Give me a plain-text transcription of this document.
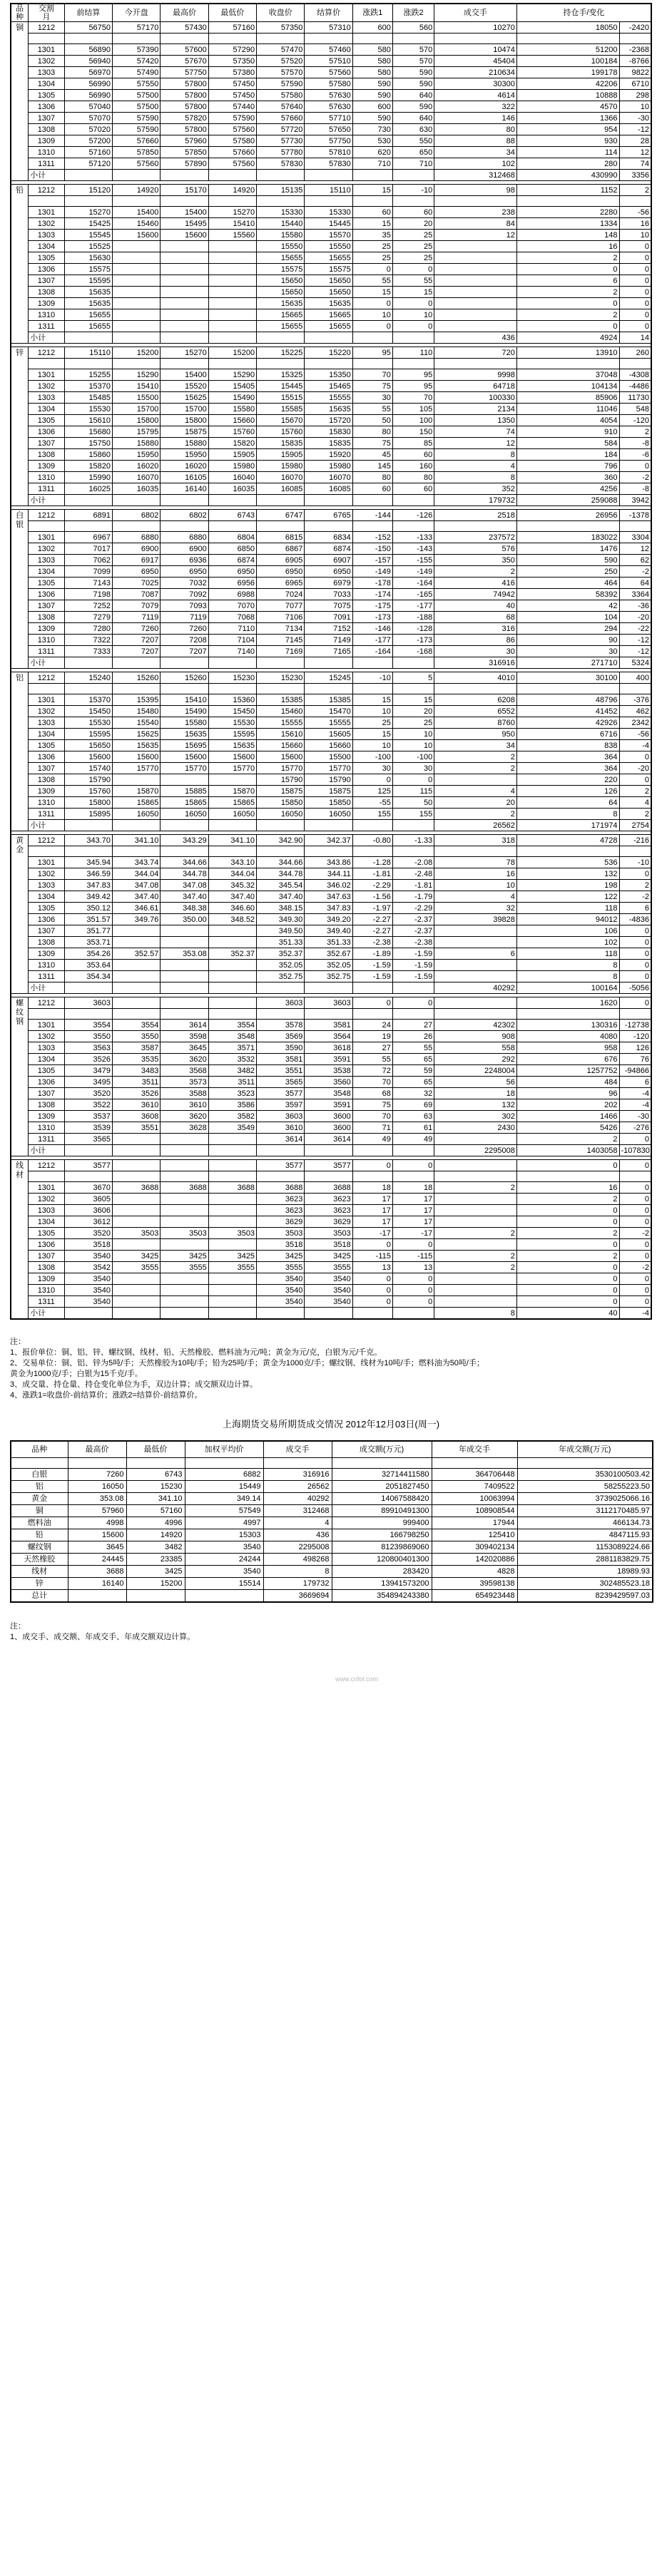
品
种	交割
月	前结算	今开盘	最高价	最低价	收盘价	结算价	涨跌1	涨跌2	成交手	持仓手/变化	

铜	1212	56750	57170	57430	57160	57350	57310	600	560	10270	18050	-2420

	1301	56890	57390	57600	57290	57470	57460	580	570	10474	51200	-2368
	1302	56940	57420	57670	57350	57520	57510	580	570	45404	100184	-8766
	1303	56970	57490	57750	57380	57570	57560	580	590	210634	199178	9822
	1304	56990	57550	57800	57450	57590	57580	590	590	30300	42206	6710
	1305	56990	57500	57800	57450	57580	57630	590	640	4614	10888	298
	1306	57040	57500	57800	57440	57640	57630	600	590	322	4570	10
	1307	57070	57590	57820	57590	57660	57710	590	640	146	1366	-30
	1308	57020	57590	57800	57560	57720	57650	730	630	80	954	-12
	1309	57200	57660	57960	57580	57730	57750	530	550	88	930	28
	1310	57160	57850	57850	57660	57780	57810	620	650	34	114	12
	1311	57120	57560	57890	57560	57830	57830	710	710	102	280	74
	小计									312468	430990	3356

铅	1212	15120	14920	15170	14920	15135	15110	15	-10	98	1152	2

	1301	15270	15400	15400	15270	15330	15330	60	60	238	2280	-56
	1302	15425	15460	15495	15410	15440	15445	15	20	84	1334	16
	1303	15545	15600	15600	15560	15580	15570	35	25	12	148	10
	1304	15525				15550	15550	25	25		16	0
	1305	15630				15655	15655	25	25		2	0
	1306	15575				15575	15575	0	0		0	0
	1307	15595				15650	15650	55	55		6	0
	1308	15635				15650	15650	15	15		2	0
	1309	15635				15635	15635	0	0		0	0
	1310	15655				15665	15665	10	10		2	0
	1311	15655				15655	15655	0	0		0	0
	小计									436	4924	14

锌	1212	15110	15200	15270	15200	15225	15220	95	110	720	13910	260

	1301	15255	15290	15400	15290	15325	15350	70	95	9998	37048	-4308
	1302	15370	15410	15520	15405	15445	15465	75	95	64718	104134	-4486
	1303	15485	15500	15625	15490	15515	15555	30	70	100330	85906	11730
	1304	15530	15700	15700	15580	15585	15635	55	105	2134	11046	548
	1305	15610	15800	15800	15660	15670	15720	50	100	1350	4054	-120
	1306	15680	15795	15875	15760	15760	15830	80	150	74	910	2
	1307	15750	15880	15880	15820	15835	15835	75	85	12	584	-8
	1308	15860	15950	15950	15905	15905	15920	45	60	8	184	-6
	1309	15820	16020	16020	15980	15980	15980	145	160	4	796	0
	1310	15990	16070	16105	16040	16070	16070	80	80	8	360	-2
	1311	16025	16035	16140	16035	16085	16085	60	60	352	4256	-8
	小计									179732	259088	3942

白
银	1212	6891	6802	6802	6743	6747	6765	-144	-126	2518	26956	-1378

	1301	6967	6880	6880	6804	6815	6834	-152	-133	237572	183022	3304
	1302	7017	6900	6900	6850	6867	6874	-150	-143	576	1476	12
	1303	7062	6917	6936	6874	6905	6907	-157	-155	350	590	62
	1304	7099	6950	6950	6950	6950	6950	-149	-149	2	250	-2
	1305	7143	7025	7032	6956	6965	6979	-178	-164	416	464	64
	1306	7198	7087	7092	6988	7024	7033	-174	-165	74942	58392	3364
	1307	7252	7079	7093	7070	7077	7075	-175	-177	40	42	-36
	1308	7279	7119	7119	7068	7106	7091	-173	-188	68	104	-20
	1309	7280	7260	7260	7110	7134	7152	-146	-128	316	294	-22
	1310	7322	7207	7208	7104	7145	7149	-177	-173	86	90	-12
	1311	7333	7207	7207	7140	7169	7165	-164	-168	30	30	-12
	小计									316916	271710	5324

铝	1212	15240	15260	15260	15230	15230	15245	-10	5	4010	30100	400

	1301	15370	15395	15410	15360	15385	15385	15	15	6208	48796	-376
	1302	15450	15480	15490	15450	15460	15470	10	20	6552	41452	462
	1303	15530	15540	15580	15530	15555	15555	25	25	8760	42926	2342
	1304	15595	15625	15635	15595	15610	15605	15	10	950	6716	-56
	1305	15650	15635	15695	15635	15660	15660	10	10	34	838	-4
	1306	15600	15600	15600	15600	15600	15500	-100	-100	2	364	0
	1307	15740	15770	15770	15770	15770	15770	30	30	2	364	-20
	1308	15790				15790	15790	0	0		220	0
	1309	15760	15870	15885	15870	15875	15875	125	115	4	126	2
	1310	15800	15865	15865	15865	15850	15850	-55	50	20	64	4
	1311	15895	16050	16050	16050	16050	16050	155	155	2	8	2
	小计									26562	171974	2754

黄
金	1212	343.70	341.10	343.29	341.10	342.90	342.37	-0.80	-1.33	318	4728	-216

	1301	345.94	343.74	344.66	343.10	344.66	343.86	-1.28	-2.08	78	536	-10
	1302	346.59	344.04	344.78	344.04	344.78	344.11	-1.81	-2.48	16	132	0
	1303	347.83	347.08	347.08	345.32	345.54	346.02	-2.29	-1.81	10	198	2
	1304	349.42	347.40	347.40	347.40	347.40	347.63	-1.56	-1.79	4	122	-2
	1305	350.12	346.61	348.38	346.60	348.15	347.83	-1.97	-2.29	32	118	6
	1306	351.57	349.76	350.00	348.52	349.30	349.20	-2.27	-2.37	39828	94012	-4836
	1307	351.77				349.50	349.40	-2.27	-2.37		106	0
	1308	353.71				351.33	351.33	-2.38	-2.38		102	0
	1309	354.26	352.57	353.08	352.37	352.37	352.67	-1.89	-1.59	6	118	0
	1310	353.64				352.05	352.05	-1.59	-1.59		8	0
	1311	354.34				352.75	352.75	-1.59	-1.59		8	0
	小计									40292	100164	-5056

螺
纹
钢	1212	3603				3603	3603	0	0		1620	0

	1301	3554	3554	3614	3554	3578	3581	24	27	42302	130316	-12738
	1302	3550	3550	3598	3548	3569	3564	19	26	908	4080	-120
	1303	3563	3587	3645	3571	3590	3618	27	55	558	958	126
	1304	3526	3535	3620	3532	3581	3591	55	65	292	676	76
	1305	3479	3483	3568	3482	3551	3538	72	59	2248004	1257752	-94866
	1306	3495	3511	3573	3511	3565	3560	70	65	56	484	6
	1307	3520	3526	3588	3523	3577	3548	68	32	18	96	-4
	1308	3522	3610	3610	3586	3597	3591	75	69	132	202	-4
	1309	3537	3608	3620	3582	3603	3600	70	63	302	1466	-30
	1310	3539	3551	3628	3549	3610	3600	71	61	2430	5426	-276
	1311	3565				3614	3614	49	49		2	0
	小计									2295008	1403058	-107830

线
材	1212	3577				3577	3577	0	0		0	0

	1301	3670	3688	3688	3688	3688	3688	18	18	2	16	0
	1302	3605				3623	3623	17	17		2	0
	1303	3606				3623	3623	17	17		0	0
	1304	3612				3629	3629	17	17		0	0
	1305	3520	3503	3503	3503	3503	3503	-17	-17	2	2	-2
	1306	3518				3518	3518	0	0		0	0
	1307	3540	3425	3425	3425	3425	3425	-115	-115	2	2	0
	1308	3542	3555	3555	3555	3555	3555	13	13	2	0	-2
	1309	3540				3540	3540	0	0		0	0
	1310	3540				3540	3540	0	0		0	0
	1311	3540				3540	3540	0	0		0	0
	小计									8	40	-4

注：

1、报价单位：铜、铝、锌、螺纹钢、线材、铅、天然橡胶、燃料油为元/吨；黄金为元/克，白银为元/千克。

2、交易单位：铜、铝、锌为5吨/手；天然橡胶为10吨/手；铅为25吨/手；黄金为1000克/手；螺纹钢、线材为10吨/手；燃料油为50吨/手；

黄金为1000克/手；白银为15千克/手。

3、成交量、持仓量、持仓变化单位为手，双边计算；成交额双边计算。

4、涨跌1=收盘价-前结算价；涨跌2=结算价-前结算价。

上海期货交易所期货成交情况 2012年12月03日(周一)
品种	最高价	最低价	加权平均价	成交手	成交额(万元)	年成交手	年成交额(万元)

白银	7260	6743	6882	316916	32714411580	364706448	3530100503.42
铝	16050	15230	15449	26562	2051827450	7409522	58255223.50
黄金	353.08	341.10	349.14	40292	14067588420	10063994	3739025066.16
铜	57960	57160	57549	312468	89910491300	108908544	3112170485.97
燃料油	4998	4996	4997	4	999400	17944	466134.73
铅	15600	14920	15303	436	166798250	125410	4847115.93
螺纹钢	3645	3482	3540	2295008	81239869060	309402134	1153089224.66
天然橡胶	24445	23385	24244	498268	120800401300	142020886	2881183829.75
线材	3688	3425	3540	8	283420	4828	18989.93
锌	16140	15200	15514	179732	13941573200	39598138	302485523.18
总计				3669694	354894243380	654923448	8239429597.03

注：

1、成交手、成交额、年成交手、年成交额双边计算。

www.cnfol.com
